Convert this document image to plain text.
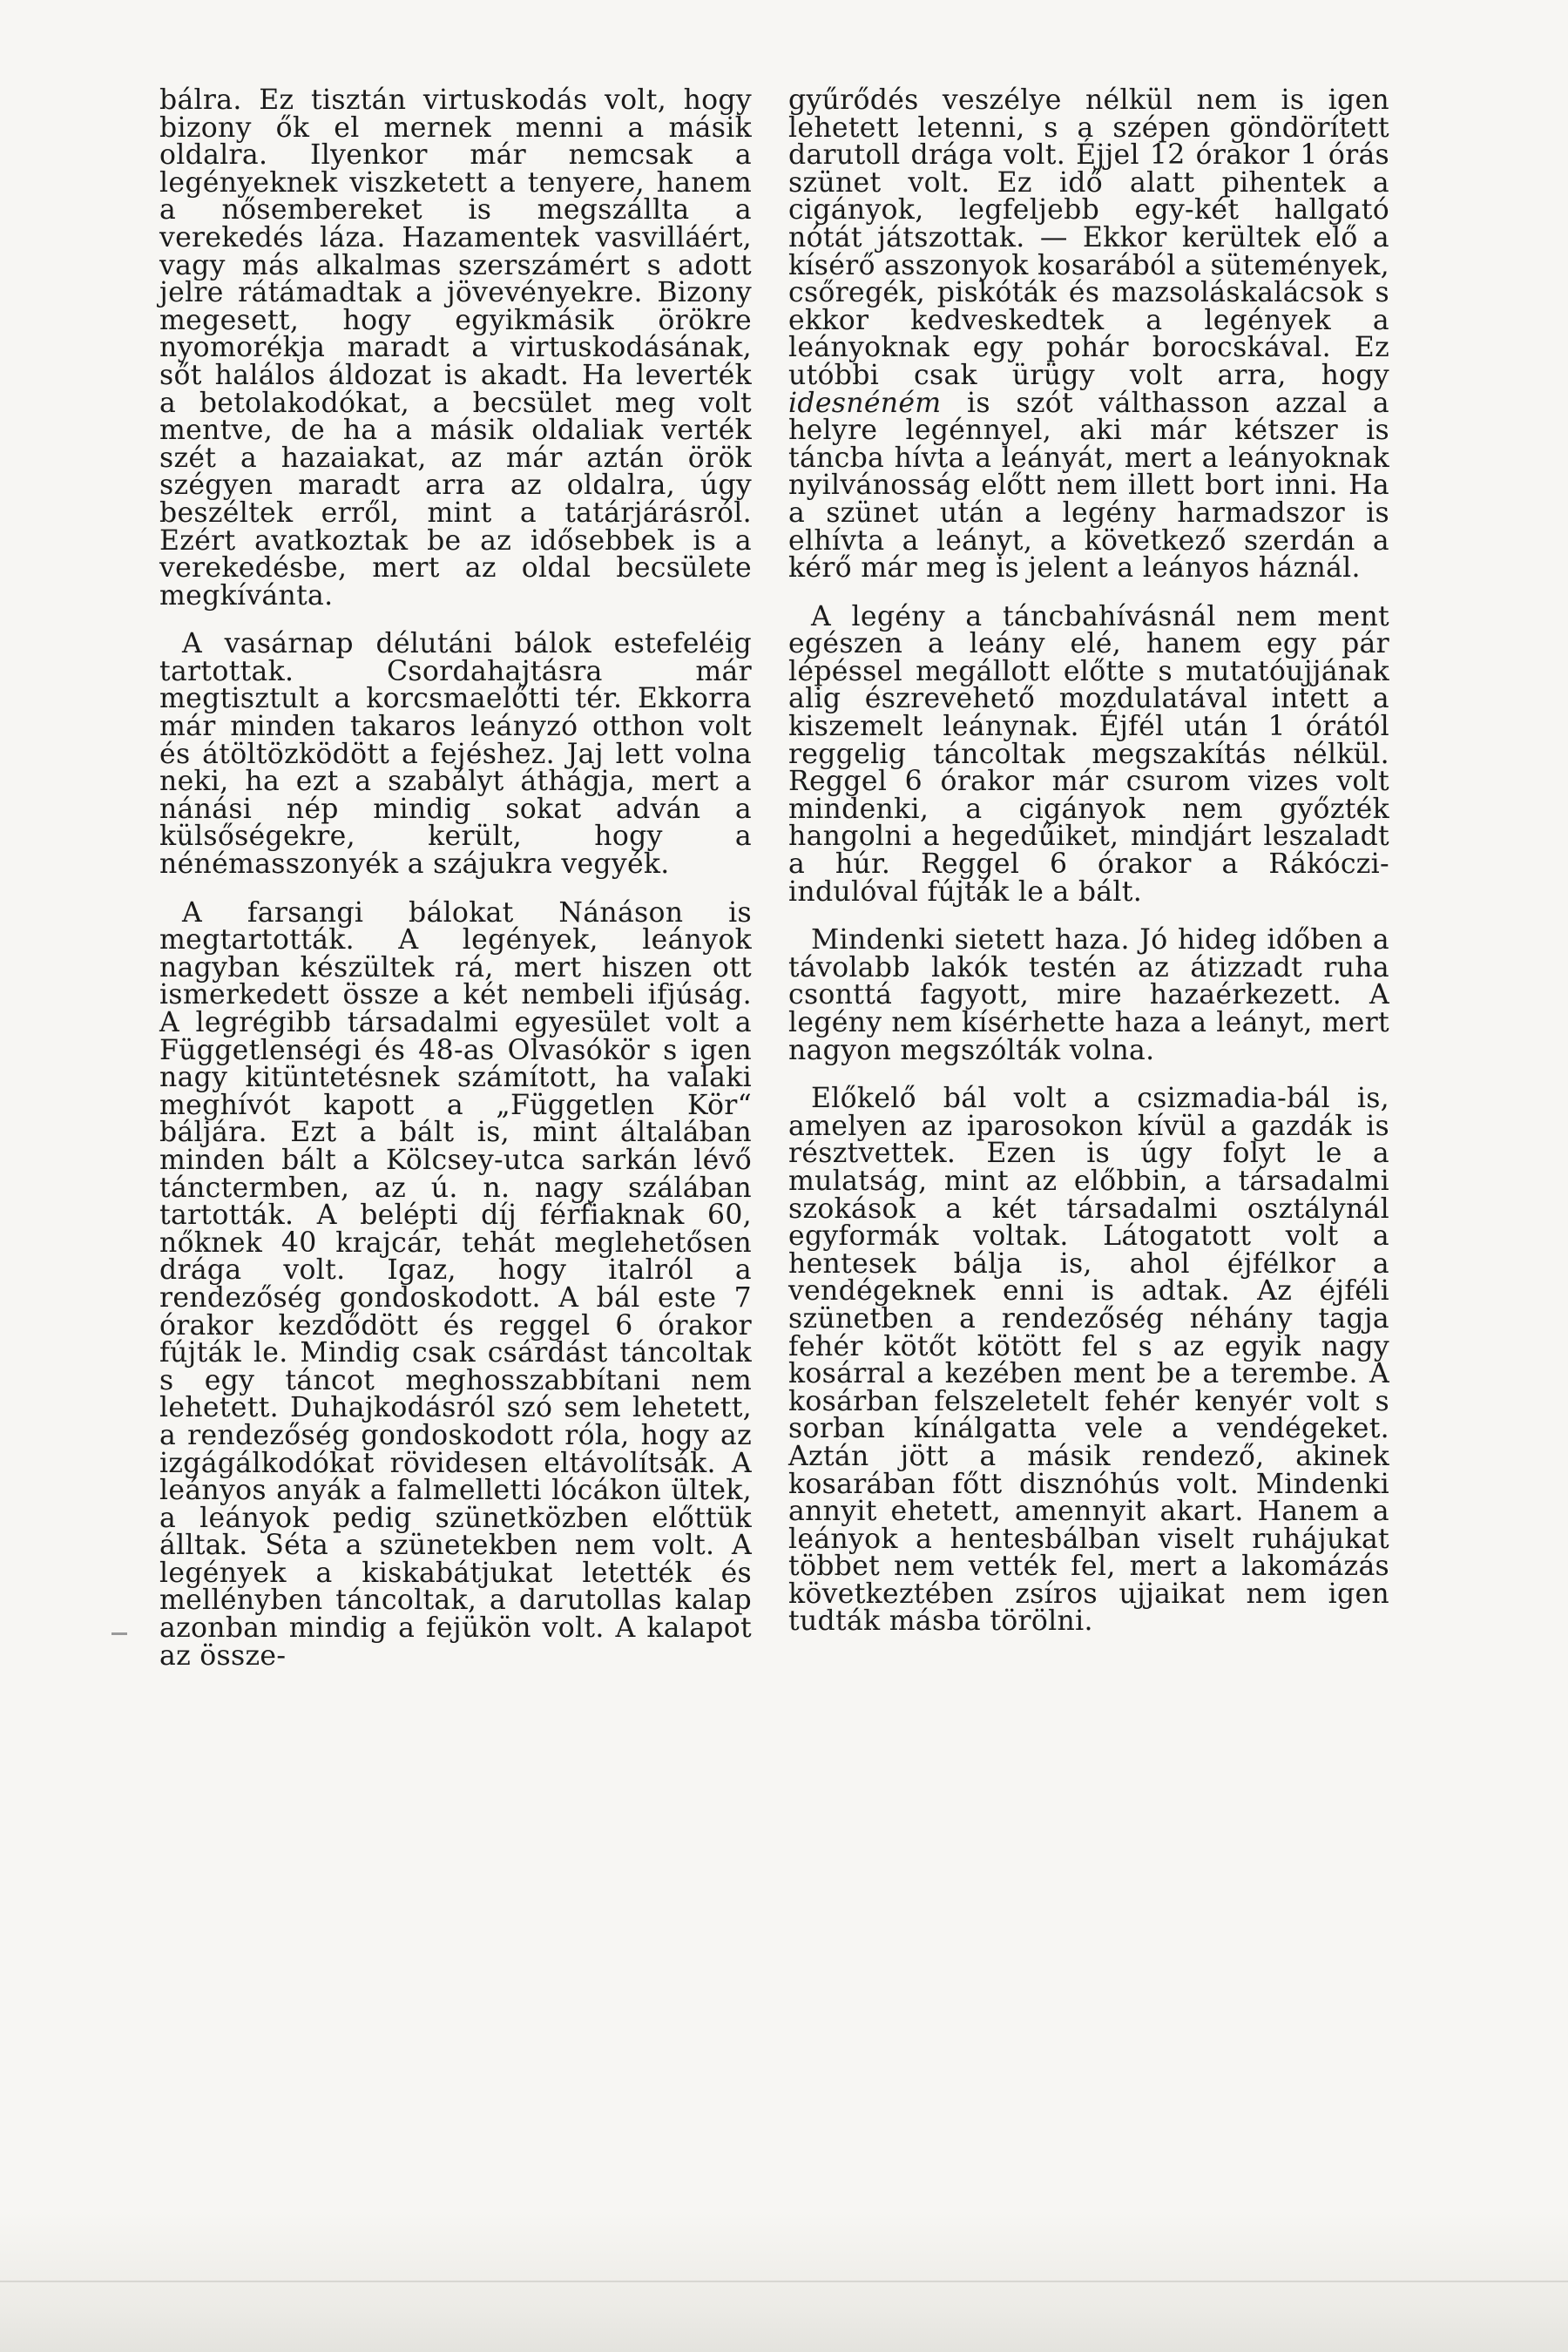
bálra. Ez tisztán virtuskodás volt, hogy bizony ők el mernek menni a másik oldalra. Ilyenkor már nemcsak a legényeknek viszketett a tenyere, hanem a nősembereket is megszállta a verekedés láza. Hazamentek vasvilláért, vagy más alkalmas szerszámért s adott jelre rátámadtak a jövevényekre. Bizony megesett, hogy egyikmásik örökre nyomorékja maradt a virtuskodásának, sőt halálos áldozat is akadt. Ha leverték a betolakodókat, a becsület meg volt mentve, de ha a másik oldaliak verték szét a hazaiakat, az már aztán örök szégyen maradt arra az oldalra, úgy beszéltek erről, mint a tatárjárásról. Ezért avatkoztak be az idősebbek is a verekedésbe, mert az oldal becsülete megkívánta.

A vasárnap délutáni bálok estefeléig tartottak. Csordahajtásra már megtisztult a korcsmaelőtti tér. Ekkorra már minden takaros leányzó otthon volt és átöltözködött a fejéshez. Jaj lett volna neki, ha ezt a szabályt áthágja, mert a nánási nép mindig sokat adván a külsőségekre, került, hogy a nénémasszonyék a szájukra vegyék.

A farsangi bálokat Nánáson is megtartották. A legények, leányok nagyban készültek rá, mert hiszen ott ismerkedett össze a két nembeli ifjúság. A legrégibb társadalmi egyesület volt a Függetlenségi és 48-as Olvasókör s igen nagy kitüntetésnek számított, ha valaki meghívót kapott a „Független Kör“ báljára. Ezt a bált is, mint általában minden bált a Kölcsey-utca sarkán lévő tánctermben, az ú. n. nagy szálában tartották. A belépti díj férfiaknak 60, nőknek 40 krajcár, tehát meglehetősen drága volt. Igaz, hogy italról a rendezőség gondoskodott. A bál este 7 órakor kezdődött és reggel 6 órakor fújták le. Mindig csak csárdást táncoltak s egy táncot meghosszabbítani nem lehetett. Duhajkodásról szó sem lehetett, a rendezőség gondoskodott róla, hogy az izgágálkodókat rövidesen eltávolítsák. A leányos anyák a falmelletti lócákon ültek, a leányok pedig szünetközben előttük álltak. Séta a szünetekben nem volt. A legények a kiskabátjukat letették és mellényben táncoltak, a darutollas kalap azonban mindig a fejükön volt. A kalapot az össze-

gyűrődés veszélye nélkül nem is igen lehetett letenni, s a szépen göndörített darutoll drága volt. Éjjel 12 órakor 1 órás szünet volt. Ez idő alatt pihentek a cigányok, legfeljebb egy-két hallgató nótát játszottak. — Ekkor kerültek elő a kísérő asszonyok kosarából a sütemények, csőregék, piskóták és mazsoláskalácsok s ekkor kedveskedtek a legények a leányoknak egy pohár borocskával. Ez utóbbi csak ürügy volt arra, hogy idesnéném is szót válthasson azzal a helyre legénnyel, aki már kétszer is táncba hívta a leányát, mert a leányoknak nyilvánosság előtt nem illett bort inni. Ha a szünet után a legény harmadszor is elhívta a leányt, a következő szerdán a kérő már meg is jelent a leányos háznál.

A legény a táncbahívásnál nem ment egészen a leány elé, hanem egy pár lépéssel megállott előtte s mutatóujjának alig észrevehető mozdulatával intett a kiszemelt leánynak. Éjfél után 1 órától reggelig táncoltak megszakítás nélkül. Reggel 6 órakor már csurom vizes volt mindenki, a cigányok nem győzték hangolni a hegedűiket, mindjárt leszaladt a húr. Reggel 6 órakor a Rákóczi-indulóval fújták le a bált.

Mindenki sietett haza. Jó hideg időben a távolabb lakók testén az átizzadt ruha csonttá fagyott, mire hazaérkezett. A legény nem kísérhette haza a leányt, mert nagyon megszólták volna.

Előkelő bál volt a csizmadia-bál is, amelyen az iparosokon kívül a gazdák is résztvettek. Ezen is úgy folyt le a mulatság, mint az előbbin, a társadalmi szokások a két társadalmi osztálynál egyformák voltak. Látogatott volt a hentesek bálja is, ahol éjfélkor a vendégeknek enni is adtak. Az éjféli szünetben a rendezőség néhány tagja fehér kötőt kötött fel s az egyik nagy kosárral a kezében ment be a terembe. A kosárban felszeletelt fehér kenyér volt s sorban kínálgatta vele a vendégeket. Aztán jött a másik rendező, akinek kosarában főtt disznóhús volt. Mindenki annyit ehetett, amennyit akart. Hanem a leányok a hentesbálban viselt ruhájukat többet nem vették fel, mert a lakomázás következtében zsíros ujjaikat nem igen tudták másba törölni.
